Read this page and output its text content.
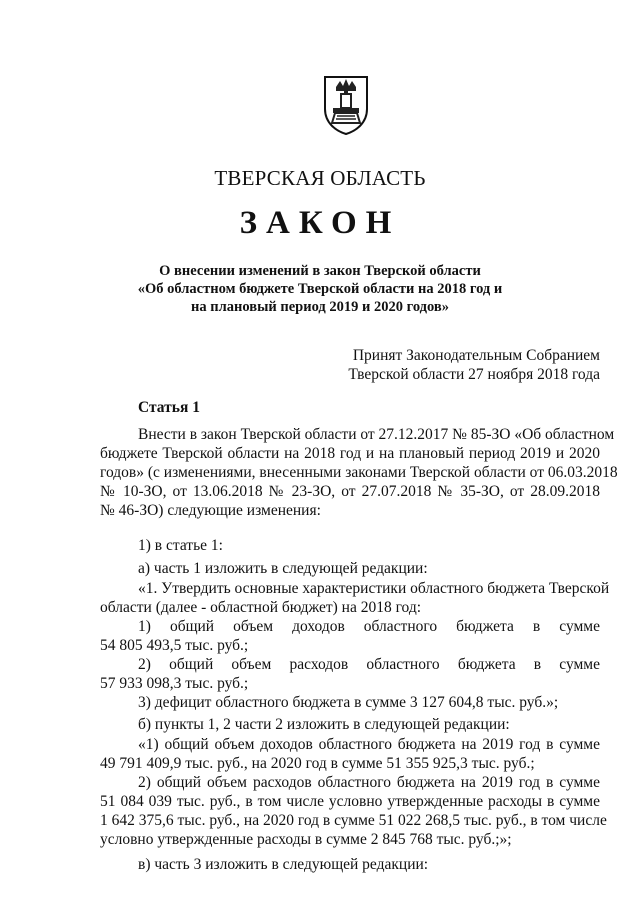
ТВЕРСКАЯ ОБЛАСТЬ
ЗАКОН
О внесении изменений в закон Тверской области
«Об областном бюджете Тверской области на 2018 год и
на плановый период 2019 и 2020 годов»
Принят Законодательным Собранием
Тверской области 27 ноября 2018 года
Статья 1
Внести в закон Тверской области от 27.12.2017 № 85-ЗО «Об областном
бюджете Тверской области на 2018 год и на плановый период 2019 и 2020
годов» (с изменениями, внесенными законами Тверской области от 06.03.2018
№ 10-ЗО, от 13.06.2018 № 23-ЗО, от 27.07.2018 № 35-ЗО, от 28.09.2018
№ 46-ЗО) следующие изменения:
1) в статье 1:
а) часть 1 изложить в следующей редакции:
«1. Утвердить основные характеристики областного бюджета Тверской
области (далее - областной бюджет) на 2018 год:
1) общий объем доходов областного бюджета в сумме
54 805 493,5 тыс. руб.;
2) общий объем расходов областного бюджета в сумме
57 933 098,3 тыс. руб.;
3) дефицит областного бюджета в сумме 3 127 604,8 тыс. руб.»;
б) пункты 1, 2 части 2 изложить в следующей редакции:
«1) общий объем доходов областного бюджета на 2019 год в сумме
49 791 409,9 тыс. руб., на 2020 год в сумме 51 355 925,3 тыс. руб.;
2) общий объем расходов областного бюджета на 2019 год в сумме
51 084 039 тыс. руб., в том числе условно утвержденные расходы в сумме
1 642 375,6 тыс. руб., на 2020 год в сумме 51 022 268,5 тыс. руб., в том числе
условно утвержденные расходы в сумме 2 845 768 тыс. руб.;»;
в) часть 3 изложить в следующей редакции:
